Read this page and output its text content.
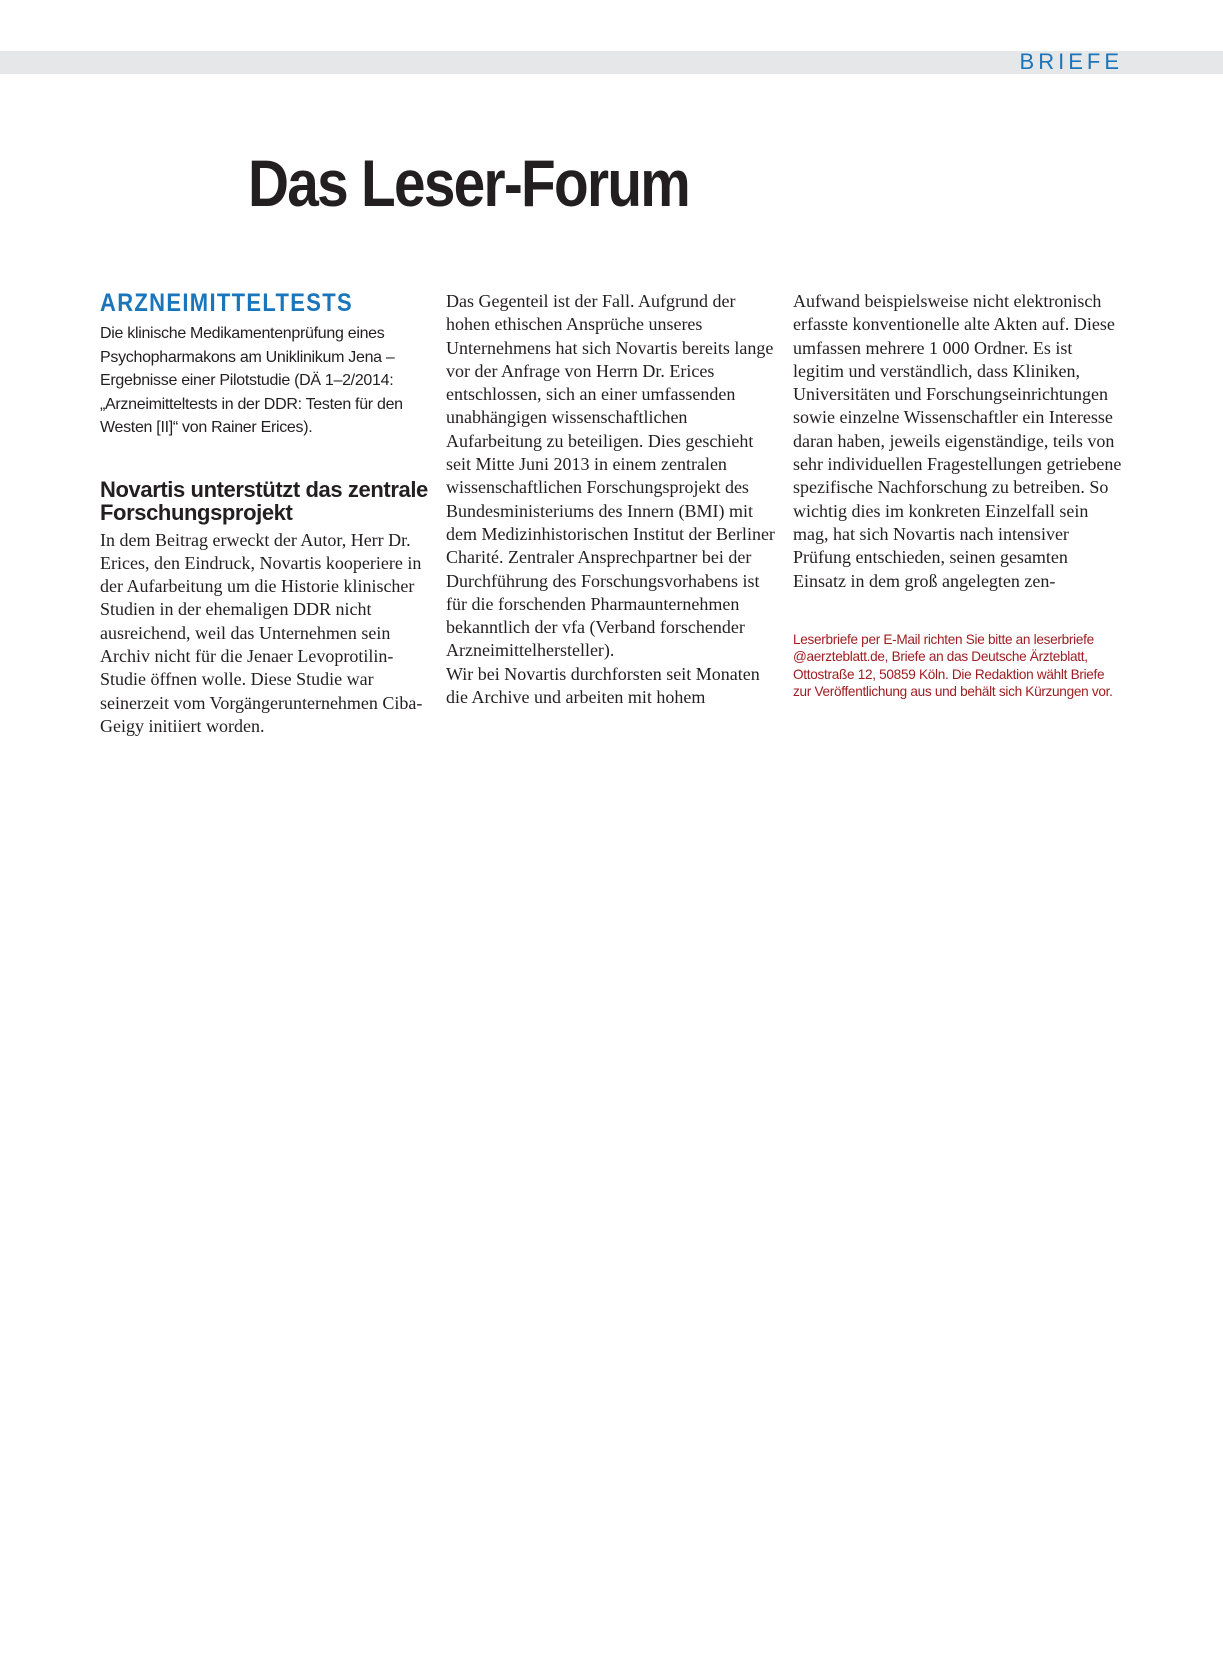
BRIEFE
Das Leser-Forum
ARZNEIMITTELTESTS

Die klinische Medikamentenprüfung eines Psychopharmakons am Uniklinikum Jena – Ergebnisse einer Pilotstudie (DÄ 1–2/2014: „Arzneimitteltests in der DDR: Testen für den Westen [II]“ von Rainer Erices).

Novartis unterstützt das zentrale Forschungsprojekt

In dem Beitrag erweckt der Autor, Herr Dr. Erices, den Eindruck, Novartis kooperiere in der Aufarbeitung um die Historie klinischer Studien in der ehemaligen DDR nicht ausreichend, weil das Unternehmen sein Archiv nicht für die Jenaer Levoprotilin-Studie öffnen wolle. Diese Studie war seinerzeit vom Vorgängerunternehmen Ciba-Geigy initiiert worden.

Das Gegenteil ist der Fall. Aufgrund der hohen ethischen Ansprüche unseres Unternehmens hat sich Novartis bereits lange vor der Anfrage von Herrn Dr. Erices entschlossen, sich an einer umfassenden unabhängigen wissenschaftlichen Aufarbeitung zu beteiligen. Dies geschieht seit Mitte Juni 2013 in einem zentralen wissenschaftlichen Forschungsprojekt des Bundesministeriums des Innern (BMI) mit dem Medizinhistorischen Institut der Berliner Charité. Zentraler Ansprechpartner bei der Durchführung des Forschungsvorhabens ist für die forschenden Pharmaunternehmen bekanntlich der vfa (Verband forschender Arzneimittelhersteller).

Wir bei Novartis durchforsten seit Monaten die Archive und arbeiten mit hohem

Aufwand beispielsweise nicht elektronisch erfasste konventionelle alte Akten auf. Diese umfassen mehrere 1 000 Ordner. Es ist legitim und verständlich, dass Kliniken, Universitäten und Forschungseinrichtungen sowie einzelne Wissenschaftler ein Interesse daran haben, jeweils eigenständige, teils von sehr individuellen Fragestellungen getriebene spezifische Nachforschung zu betreiben. So wichtig dies im konkreten Einzelfall sein mag, hat sich Novartis nach intensiver Prüfung entschieden, seinen gesamten Einsatz in dem groß angelegten zen-

Leserbriefe per E-Mail richten Sie bitte an leserbriefe @aerzteblatt.de, Briefe an das Deutsche Ärzteblatt, Ottostraße 12, 50859 Köln. Die Redaktion wählt Briefe zur Veröffentlichung aus und behält sich Kürzungen vor.
